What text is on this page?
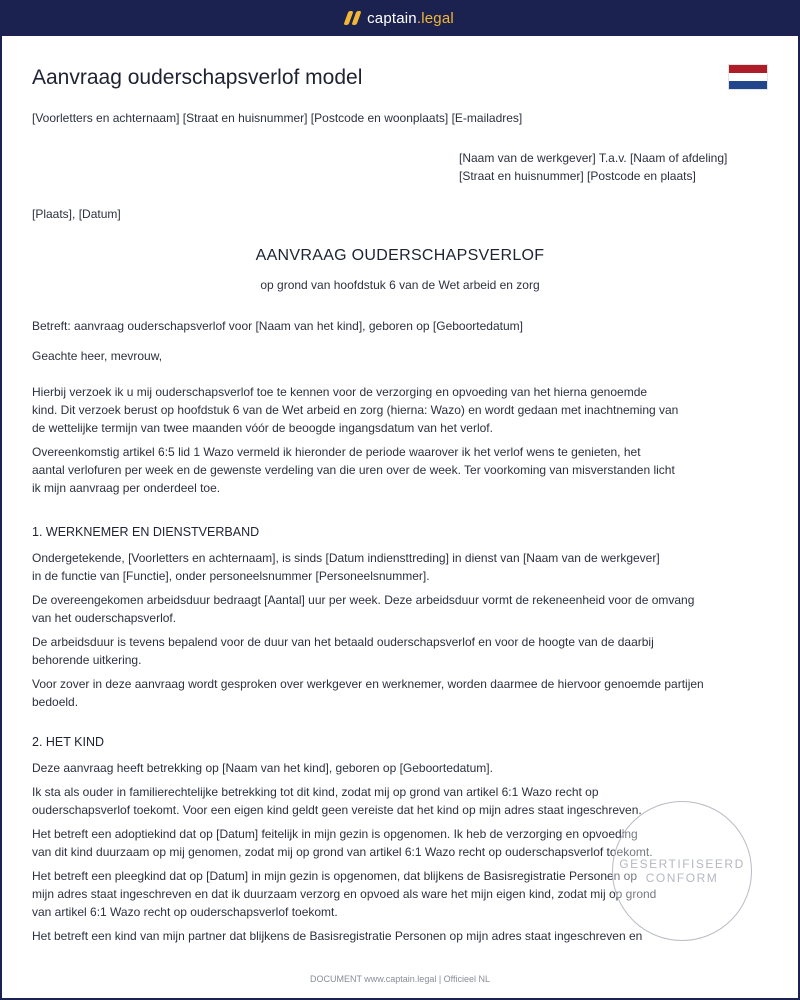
captain.legal
Aanvraag ouderschapsverlof model
[Voorletters en achternaam] [Straat en huisnummer] [Postcode en woonplaats] [E-mailadres]
[Naam van de werkgever] T.a.v. [Naam of afdeling]
[Straat en huisnummer] [Postcode en plaats]
[Plaats], [Datum]
AANVRAAG OUDERSCHAPSVERLOF
op grond van hoofdstuk 6 van de Wet arbeid en zorg

Betreft: aanvraag ouderschapsverlof voor [Naam van het kind], geboren op [Geboortedatum]

Geachte heer, mevrouw,

Hierbij verzoek ik u mij ouderschapsverlof toe te kennen voor de verzorging en opvoeding van het hierna genoemde
kind. Dit verzoek berust op hoofdstuk 6 van de Wet arbeid en zorg (hierna: Wazo) en wordt gedaan met inachtneming van
de wettelijke termijn van twee maanden vóór de beoogde ingangsdatum van het verlof.

Overeenkomstig artikel 6:5 lid 1 Wazo vermeld ik hieronder de periode waarover ik het verlof wens te genieten, het
aantal verlofuren per week en de gewenste verdeling van die uren over de week. Ter voorkoming van misverstanden licht
ik mijn aanvraag per onderdeel toe.

1. WERKNEMER EN DIENSTVERBAND

Ondergetekende, [Voorletters en achternaam], is sinds [Datum indiensttreding] in dienst van [Naam van de werkgever]
in de functie van [Functie], onder personeelsnummer [Personeelsnummer].

De overeengekomen arbeidsduur bedraagt [Aantal] uur per week. Deze arbeidsduur vormt de rekeneenheid voor de omvang
van het ouderschapsverlof.

De arbeidsduur is tevens bepalend voor de duur van het betaald ouderschapsverlof en voor de hoogte van de daarbij
behorende uitkering.

Voor zover in deze aanvraag wordt gesproken over werkgever en werknemer, worden daarmee de hiervoor genoemde partijen
bedoeld.

2. HET KIND

Deze aanvraag heeft betrekking op [Naam van het kind], geboren op [Geboortedatum].

Ik sta als ouder in familierechtelijke betrekking tot dit kind, zodat mij op grond van artikel 6:1 Wazo recht op
ouderschapsverlof toekomt. Voor een eigen kind geldt geen vereiste dat het kind op mijn adres staat ingeschreven.

Het betreft een adoptiekind dat op [Datum] feitelijk in mijn gezin is opgenomen. Ik heb de verzorging en opvoeding
van dit kind duurzaam op mij genomen, zodat mij op grond van artikel 6:1 Wazo recht op ouderschapsverlof toekomt.

Het betreft een pleegkind dat op [Datum] in mijn gezin is opgenomen, dat blijkens de Basisregistratie Personen op
mijn adres staat ingeschreven en dat ik duurzaam verzorg en opvoed als ware het mijn eigen kind, zodat mij op grond
van artikel 6:1 Wazo recht op ouderschapsverlof toekomt.

Het betreft een kind van mijn partner dat blijkens de Basisregistratie Personen op mijn adres staat ingeschreven en

GESERTIFISEERD
CONFORM
DOCUMENT www.captain.legal | Officieel NL
